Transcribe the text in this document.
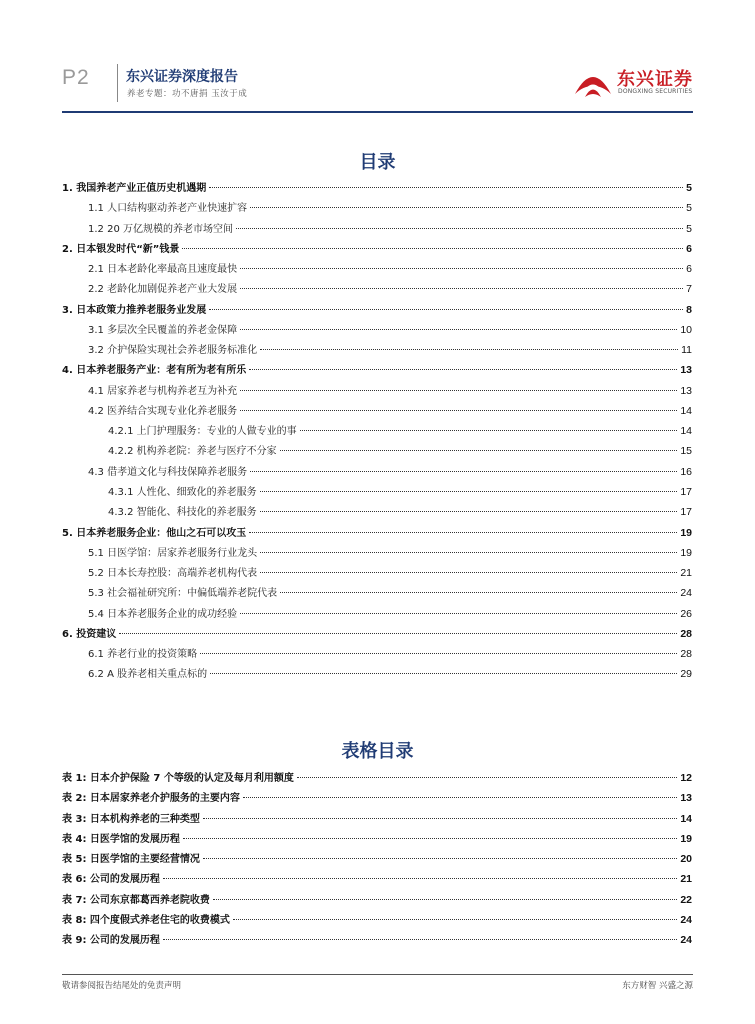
P2	东兴证券深度报告
养老专题：功不唐捐 玉汝于成
东兴证券
DONGXING SECURITIES
目录
1. 我国养老产业正值历史机遇期	5
1.1 人口结构驱动养老产业快速扩容	5
1.2 20 万亿规模的养老市场空间	5
2. 日本银发时代“新”钱景	6
2.1 日本老龄化率最高且速度最快	6
2.2 老龄化加剧促养老产业大发展	7
3. 日本政策力推养老服务业发展	8
3.1 多层次全民覆盖的养老金保障	10
3.2 介护保险实现社会养老服务标准化	11
4. 日本养老服务产业：老有所为老有所乐	13
4.1 居家养老与机构养老互为补充	13
4.2 医养结合实现专业化养老服务	14
4.2.1 上门护理服务：专业的人做专业的事	14
4.2.2 机构养老院：养老与医疗不分家	15
4.3 借孝道文化与科技保障养老服务	16
4.3.1 人性化、细致化的养老服务	17
4.3.2 智能化、科技化的养老服务	17
5. 日本养老服务企业：他山之石可以攻玉	19
5.1 日医学馆：居家养老服务行业龙头	19
5.2 日本长寿控股：高端养老机构代表	21
5.3 社会福祉研究所：中偏低端养老院代表	24
5.4 日本养老服务企业的成功经验	26
6. 投资建议	28
6.1 养老行业的投资策略	28
6.2 A 股养老相关重点标的	29
表格目录
表 1: 日本介护保险 7 个等级的认定及每月利用额度	12
表 2: 日本居家养老介护服务的主要内容	13
表 3: 日本机构养老的三种类型	14
表 4: 日医学馆的发展历程	19
表 5: 日医学馆的主要经营情况	20
表 6: 公司的发展历程	21
表 7: 公司东京都葛西养老院收费	22
表 8: 四个度假式养老住宅的收费模式	24
表 9: 公司的发展历程	24
敬请参阅报告结尾处的免责声明	东方财智 兴盛之源
